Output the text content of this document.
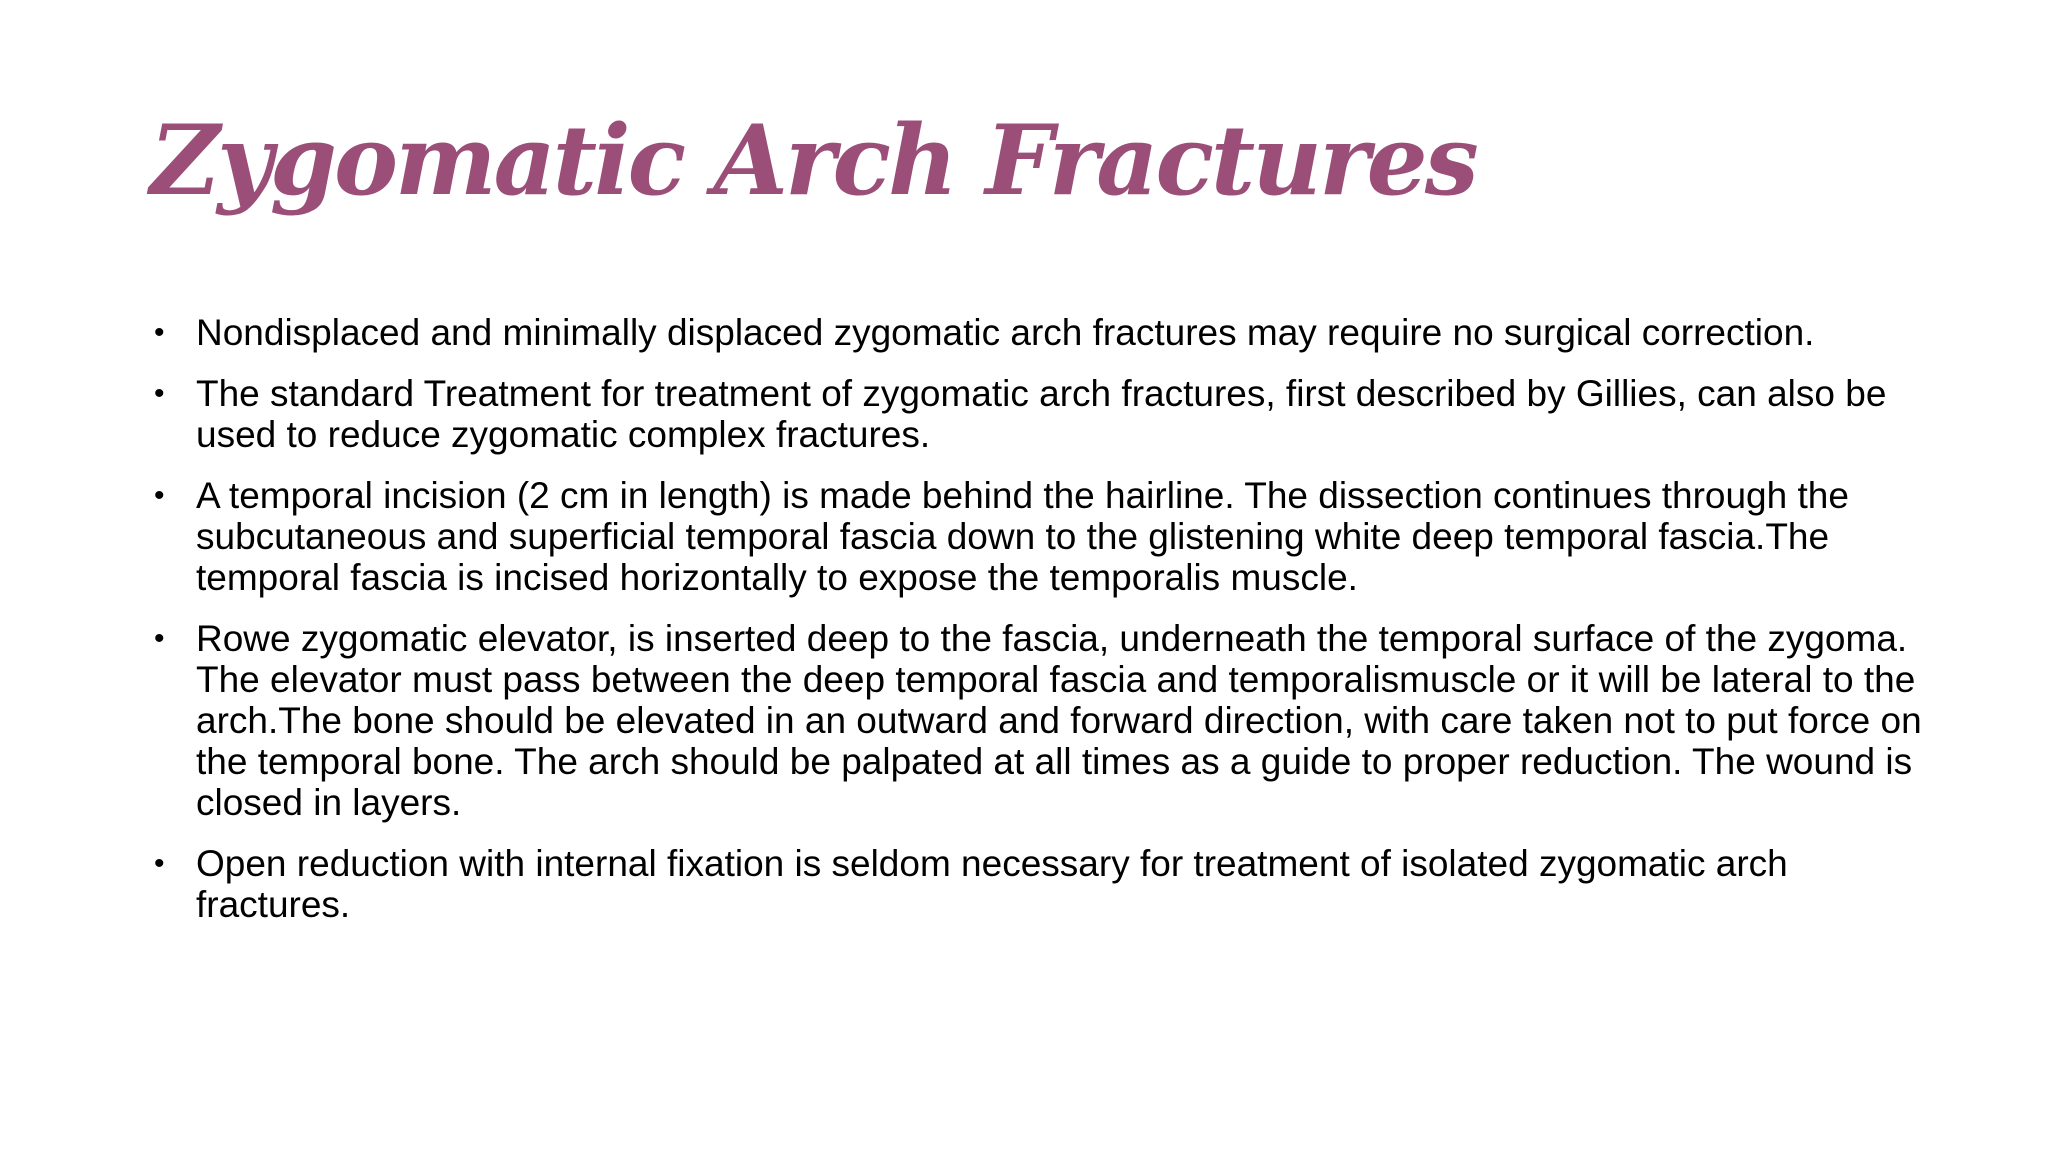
Zygomatic Arch Fractures
• Nondisplaced and minimally displaced zygomatic arch fractures may require no surgical correction.
• The standard Treatment for treatment of zygomatic arch fractures, first described by Gillies, can also be used to reduce zygomatic complex fractures.
• A temporal incision (2 cm in length) is made behind the hairline. The dissection continues through the subcutaneous and superficial temporal fascia down to the glistening white deep temporal fascia.The temporal fascia is incised horizontally to expose the temporalis muscle.
• Rowe zygomatic elevator, is inserted deep to the fascia, underneath the temporal surface of the zygoma. The elevator must pass between the deep temporal fascia and temporalismuscle or it will be lateral to the arch.The bone should be elevated in an outward and forward direction, with care taken not to put force on the temporal bone. The arch should be palpated at all times as a guide to proper reduction. The wound is closed in layers.
• Open reduction with internal fixation is seldom necessary for treatment of isolated zygomatic arch fractures.
